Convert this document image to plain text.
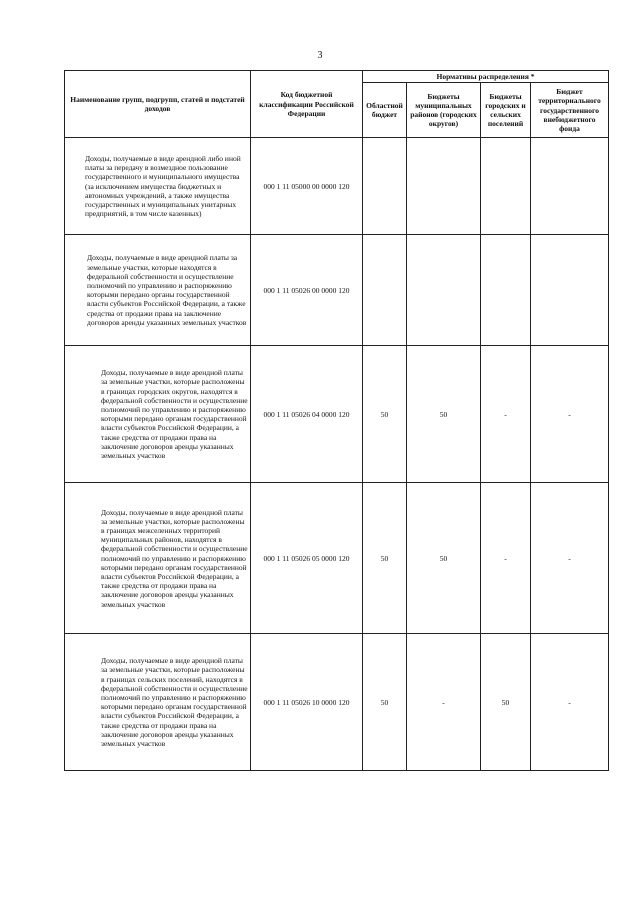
3
Наименование групп, подгрупп, статей и подстатей доходов	Код бюджетной классификации Российской Федерации	Нормативы распределения *			
		Областной бюджет	Бюджеты муниципальных районов (городских округов)	Бюджеты городских и сельских поселений	Бюджет территориального государственного внебюджетного фонда
Доходы, получаемые в виде арендной либо иной платы за передачу в возмездное пользование государственного и муниципального имущества (за исключением имущества бюджетных и автономных учреждений, а также имущества государственных и муниципальных унитарных предприятий, в том числе казенных)	000 1 11 05000 00 0000 120				
Доходы, получаемые в виде арендной платы за земельные участки, которые находятся в федеральной собственности и осуществление полномочий по управлению и распоряжению которыми передано органы государственной власти субъектов Российской Федерации, а также средства от продажи права на заключение договоров аренды указанных земельных участков	000 1 11 05026 00 0000 120				
Доходы, получаемые в виде арендной платы за земельные участки, которые расположены в границах городских округов, находятся в федеральной собственности и осуществление полномочий по управлению и распоряжению которыми передано органам государственной власти субъектов Российской Федерации, а также средства от продажи права на заключение договоров аренды указанных земельных участков	000 1 11 05026 04 0000 120	50	50	-	-
Доходы, получаемые в виде арендной платы за земельные участки, которые расположены в границах межселенных территорий муниципальных районов, находятся в федеральной собственности и осуществление полномочий по управлению и распоряжению которыми передано органам государственной власти субъектов Российской Федерации, а также средства от продажи права на заключение договоров аренды указанных земельных участков	000 1 11 05026 05 0000 120	50	50	-	-
Доходы, получаемые в виде арендной платы за земельные участки, которые расположены в границах сельских поселений, находятся в федеральной собственности и осуществление полномочий по управлению и распоряжению которыми передано органам государственной власти субъектов Российской Федерации, а также средства от продажи права на заключение договоров аренды указанных земельных участков	000 1 11 05026 10 0000 120	50	-	50	-
